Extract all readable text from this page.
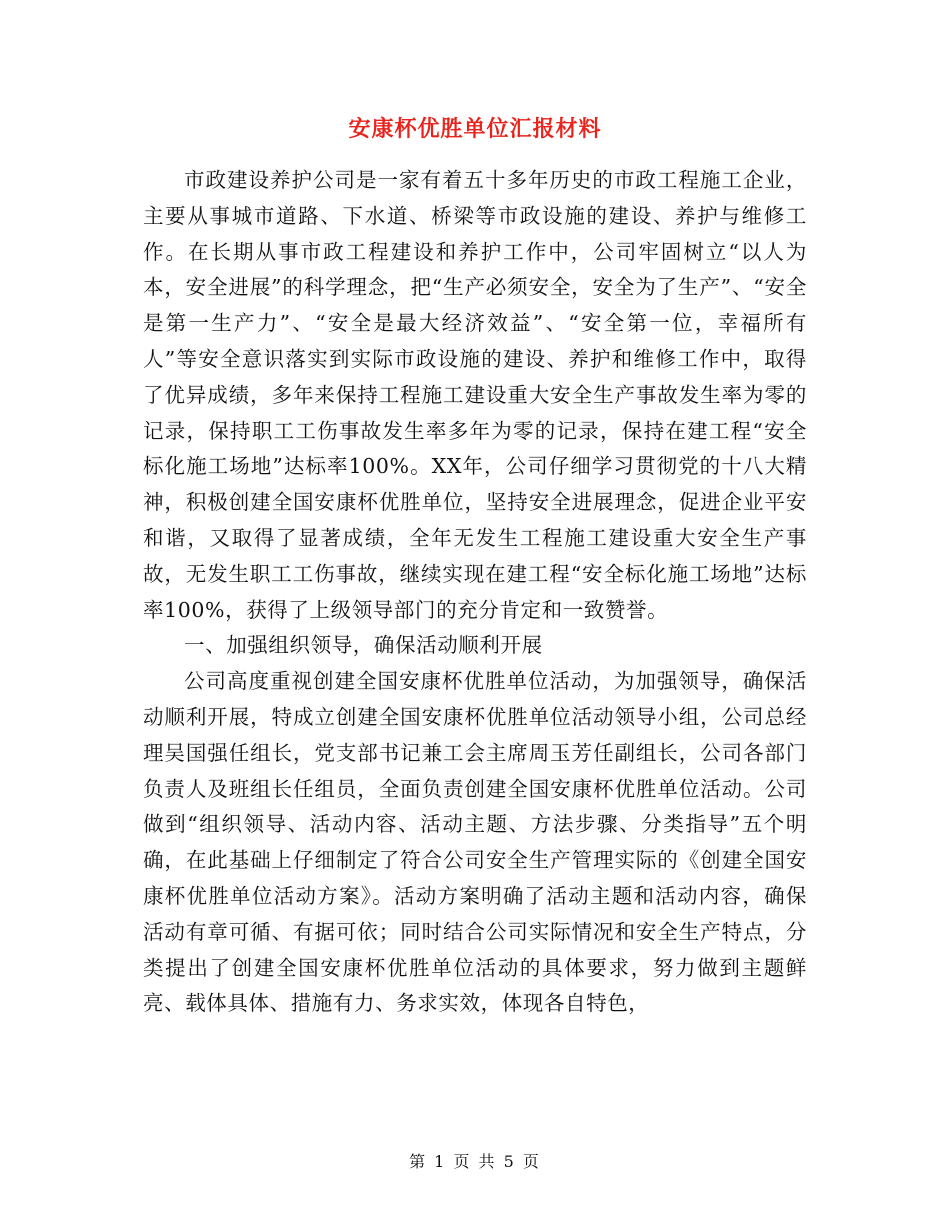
安康杯优胜单位汇报材料

市政建设养护公司是一家有着五十多年历史的市政工程施工企业，主要从事城市道路、下水道、桥梁等市政设施的建设、养护与维修工作。在长期从事市政工程建设和养护工作中，公司牢固树立“以人为本，安全进展”的科学理念，把“生产必须安全，安全为了生产”、“安全是第一生产力”、“安全是最大经济效益”、“安全第一位，幸福所有人”等安全意识落实到实际市政设施的建设、养护和维修工作中，取得了优异成绩，多年来保持工程施工建设重大安全生产事故发生率为零的记录，保持职工工伤事故发生率多年为零的记录，保持在建工程“安全标化施工场地”达标率100%。XX年，公司仔细学习贯彻党的十八大精神，积极创建全国安康杯优胜单位，坚持安全进展理念，促进企业平安和谐，又取得了显著成绩，全年无发生工程施工建设重大安全生产事故，无发生职工工伤事故，继续实现在建工程“安全标化施工场地”达标率100%，获得了上级领导部门的充分肯定和一致赞誉。

一、加强组织领导，确保活动顺利开展

公司高度重视创建全国安康杯优胜单位活动，为加强领导，确保活动顺利开展，特成立创建全国安康杯优胜单位活动领导小组，公司总经理吴国强任组长，党支部书记兼工会主席周玉芳任副组长，公司各部门负责人及班组长任组员，全面负责创建全国安康杯优胜单位活动。公司做到“组织领导、活动内容、活动主题、方法步骤、分类指导”五个明确，在此基础上仔细制定了符合公司安全生产管理实际的《创建全国安康杯优胜单位活动方案》。活动方案明确了活动主题和活动内容，确保活动有章可循、有据可依；同时结合公司实际情况和安全生产特点，分类提出了创建全国安康杯优胜单位活动的具体要求，努力做到主题鲜亮、载体具体、措施有力、务求实效，体现各自特色，

第 1 页 共 5 页
